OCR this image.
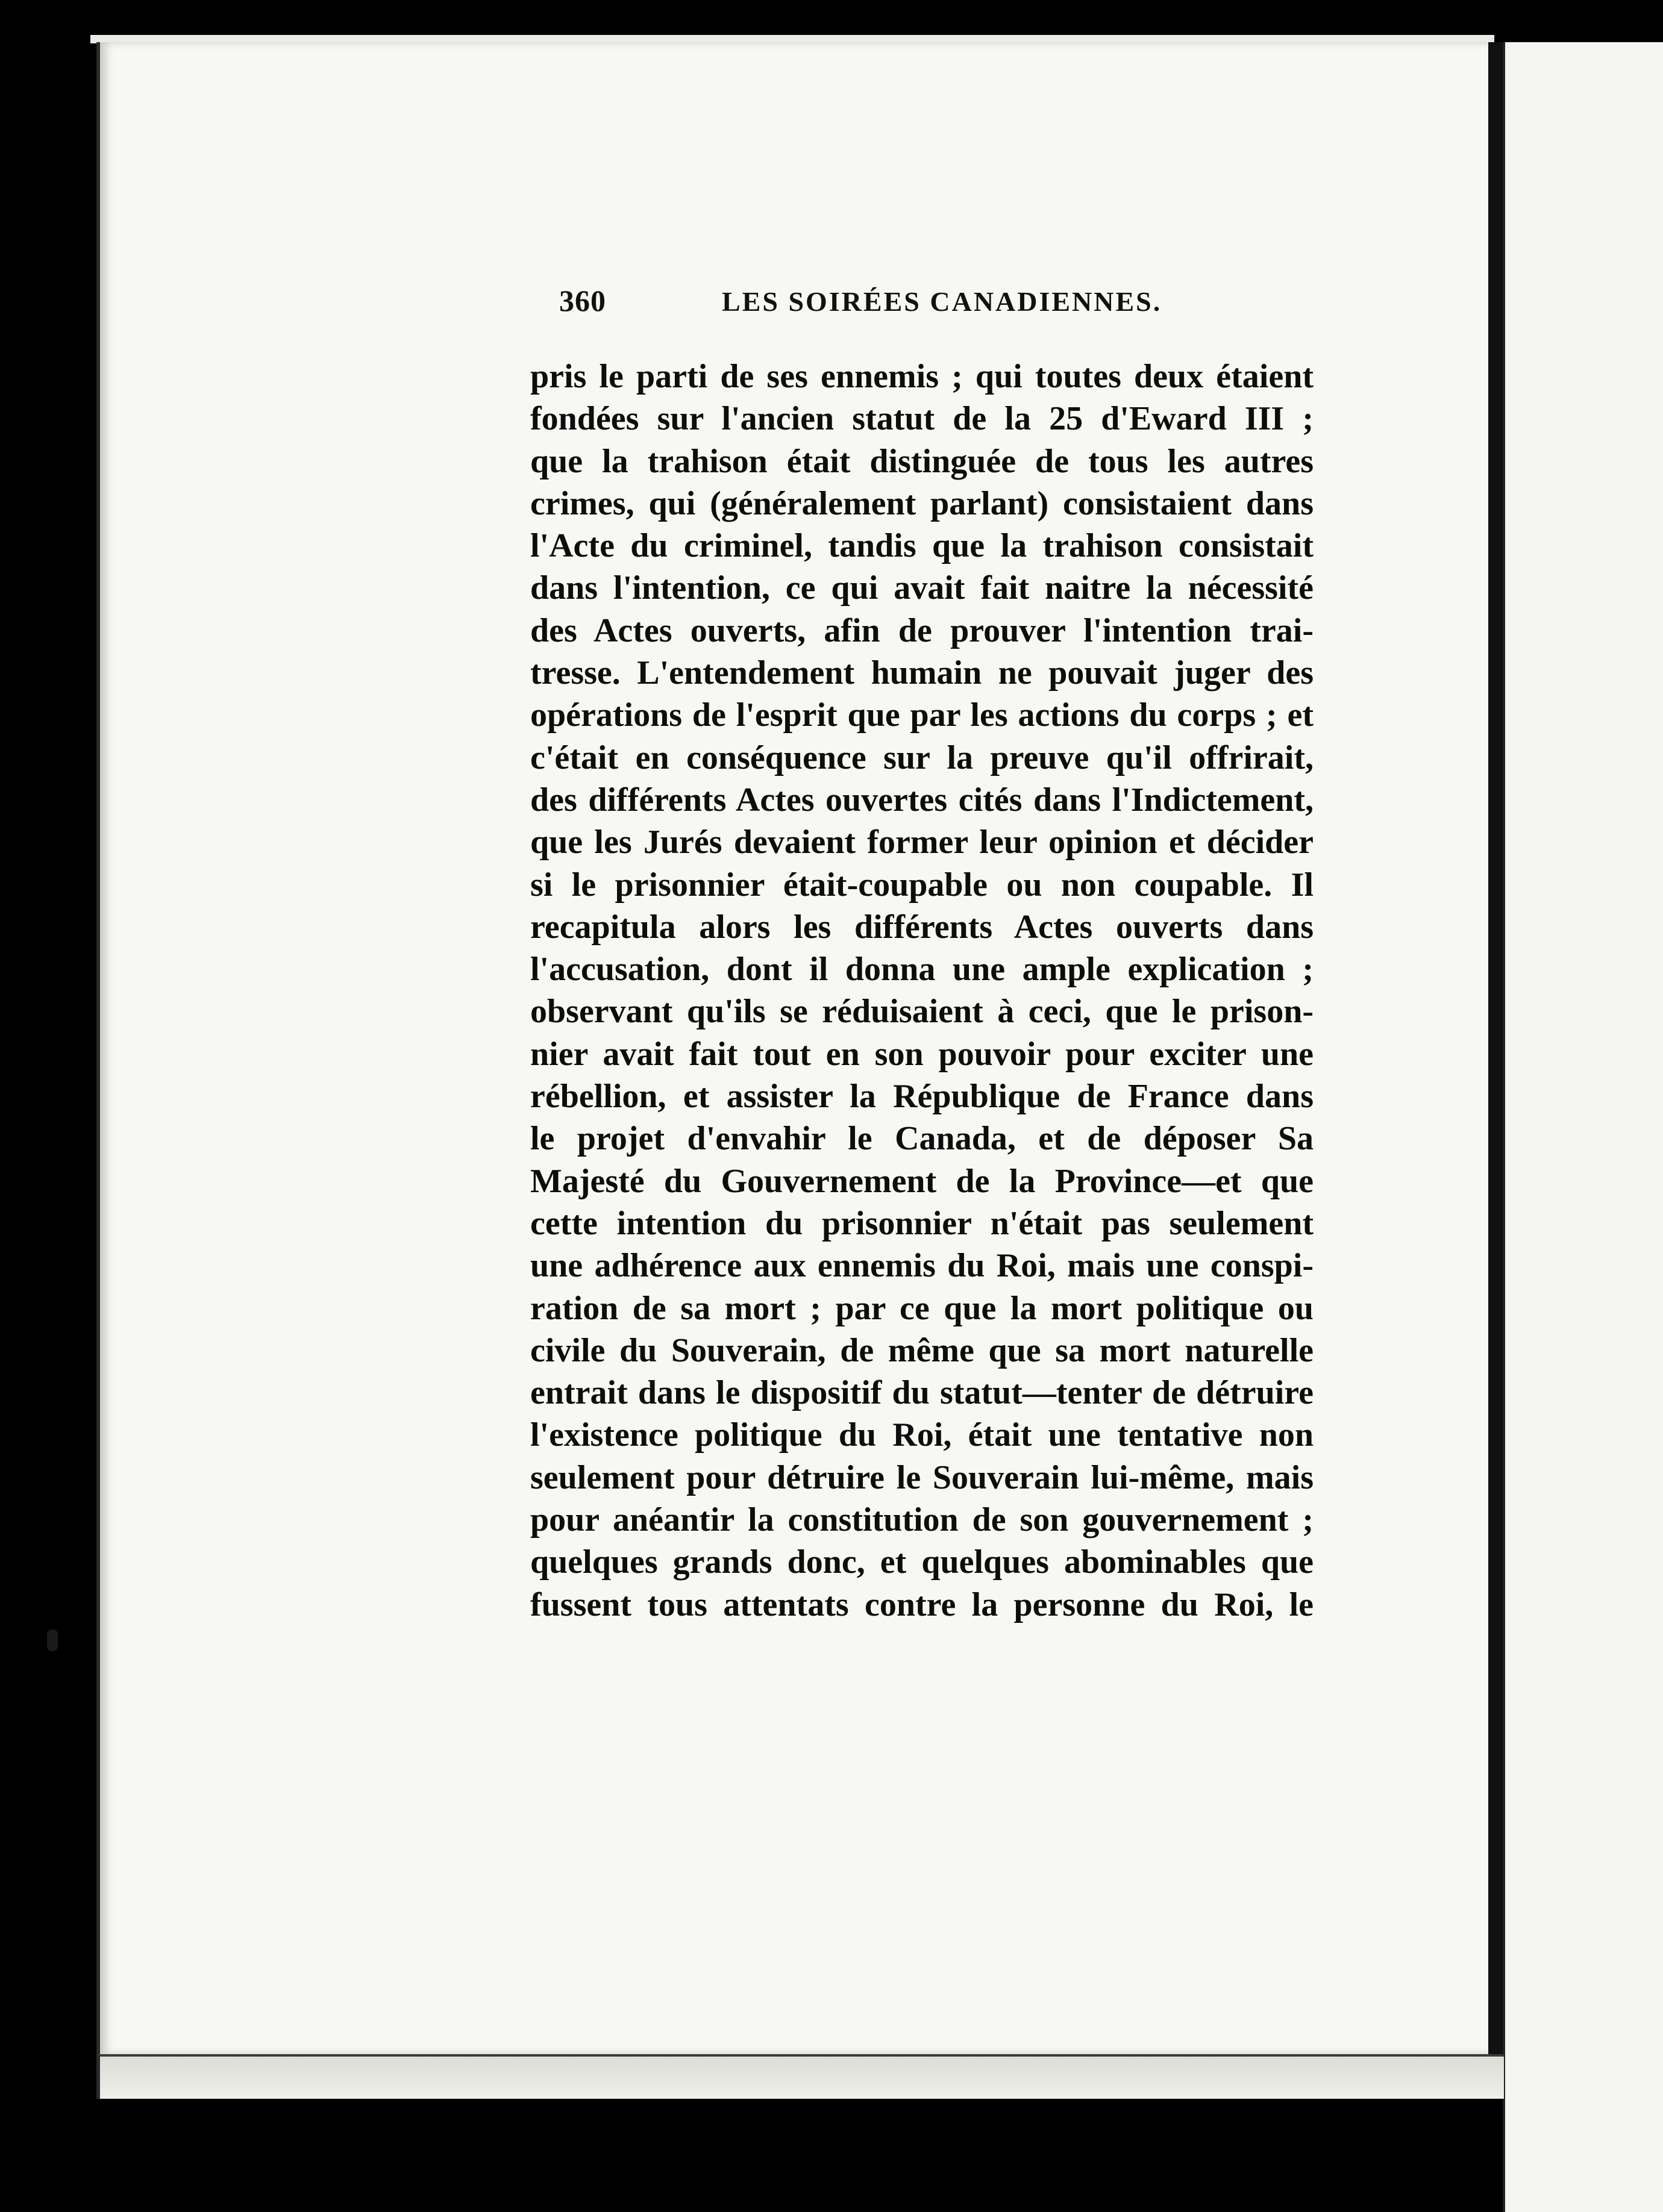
360	LES SOIRÉES CANADIENNES.
pris le parti de ses ennemis ; qui toutes deux étaient
fondées sur l'ancien statut de la 25 d'Eward III ;
que la trahison était distinguée de tous les autres
crimes, qui (généralement parlant) consistaient dans
l'Acte du criminel, tandis que la trahison consistait
dans l'intention, ce qui avait fait naitre la nécessité
des Actes ouverts, afin de prouver l'intention trai-
tresse. L'entendement humain ne pouvait juger des
opérations de l'esprit que par les actions du corps ; et
c'était en conséquence sur la preuve qu'il offrirait,
des différents Actes ouvertes cités dans l'Indictement,
que les Jurés devaient former leur opinion et décider
si le prisonnier était-coupable ou non coupable. Il
recapitula alors les différents Actes ouverts dans
l'accusation, dont il donna une ample explication ;
observant qu'ils se réduisaient à ceci, que le prison-
nier avait fait tout en son pouvoir pour exciter une
rébellion, et assister la République de France dans
le projet d'envahir le Canada, et de déposer Sa
Majesté du Gouvernement de la Province—et que
cette intention du prisonnier n'était pas seulement
une adhérence aux ennemis du Roi, mais une conspi-
ration de sa mort ; par ce que la mort politique ou
civile du Souverain, de même que sa mort naturelle
entrait dans le dispositif du statut—tenter de détruire
l'existence politique du Roi, était une tentative non
seulement pour détruire le Souverain lui-même, mais
pour anéantir la constitution de son gouvernement ;
quelques grands donc, et quelques abominables que
fussent tous attentats contre la personne du Roi, le
